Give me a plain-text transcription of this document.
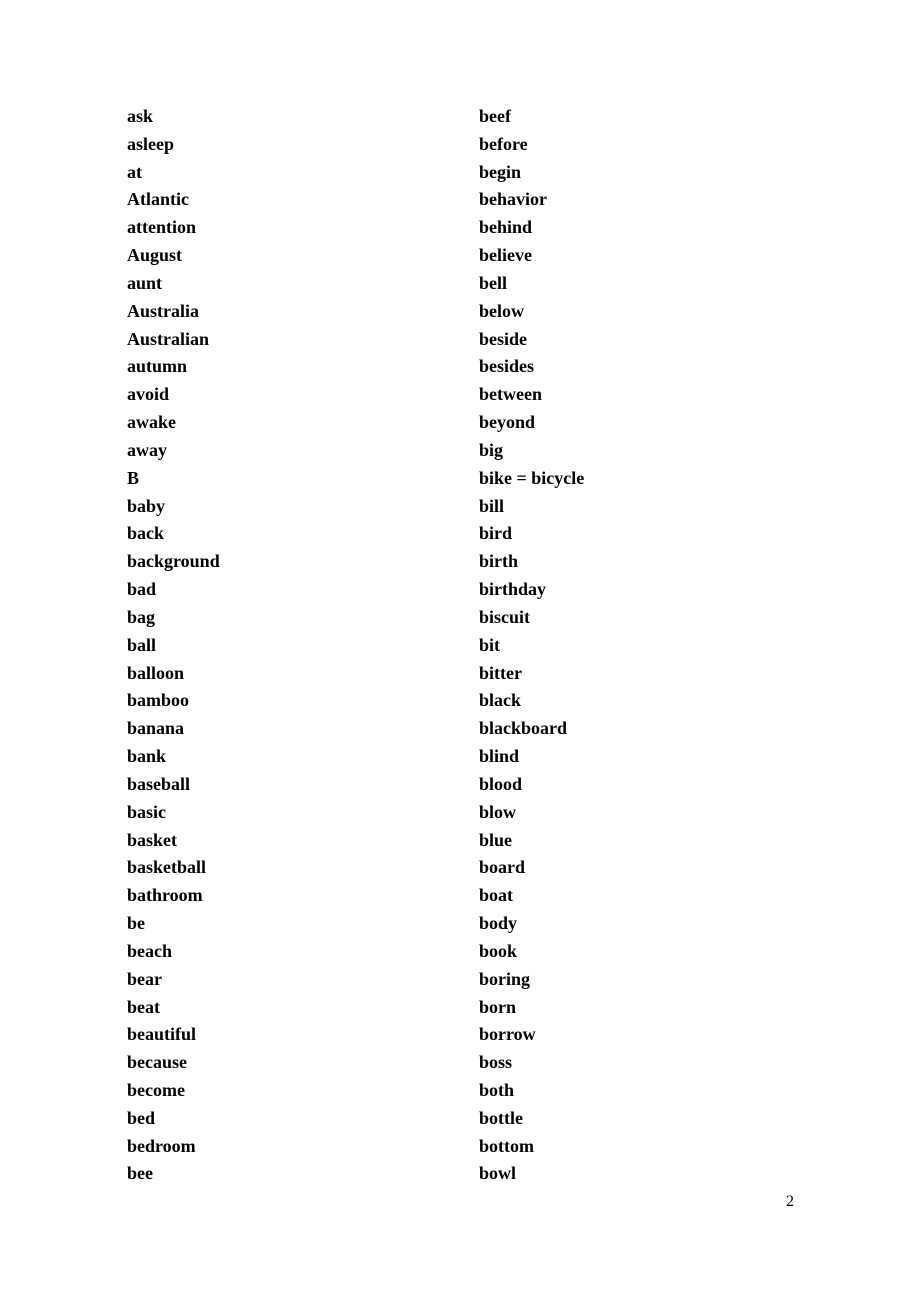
ask
asleep
at
Atlantic
attention
August
aunt
Australia
Australian
autumn
avoid
awake
away
B
baby
back
background
bad
bag
ball
balloon
bamboo
banana
bank
baseball
basic
basket
basketball
bathroom
be
beach
bear
beat
beautiful
because
become
bed
bedroom
bee
beef
before
begin
behavior
behind
believe
bell
below
beside
besides
between
beyond
big
bike = bicycle
bill
bird
birth
birthday
biscuit
bit
bitter
black
blackboard
blind
blood
blow
blue
board
boat
body
book
boring
born
borrow
boss
both
bottle
bottom
bowl
2
